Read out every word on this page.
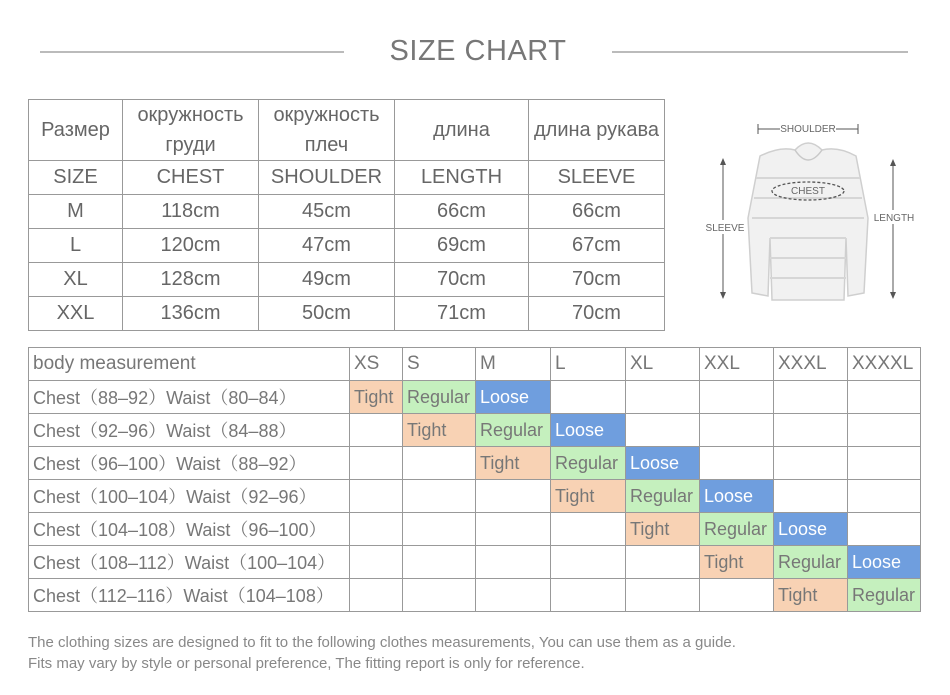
SIZE CHART
Размер	окружность груди	окружность плеч	длина	длина рукава
SIZE	CHEST	SHOULDER	LENGTH	SLEEVE
M	118cm	45cm	66cm	66cm
L	120cm	47cm	69cm	67cm
XL	128cm	49cm	70cm	70cm
XXL	136cm	50cm	71cm	70cm
SHOULDER
CHEST
SLEEVE
LENGTH
body measurement	XS	S	M	L	XL	XXL	XXXL	XXXXL
Chest（88–92）Waist（80–84）	Tight	Regular	Loose					
Chest（92–96）Waist（84–88）		Tight	Regular	Loose				
Chest（96–100）Waist（88–92）			Tight	Regular	Loose			
Chest（100–104）Waist（92–96）				Tight	Regular	Loose		
Chest（104–108）Waist（96–100）					Tight	Regular	Loose	
Chest（108–112）Waist（100–104）						Tight	Regular	Loose
Chest（112–116）Waist（104–108）							Tight	Regular
The clothing sizes are designed to fit to the following clothes measurements, You can use them as a guide.
Fits may vary by style or personal preference, The fitting report is only for reference.
